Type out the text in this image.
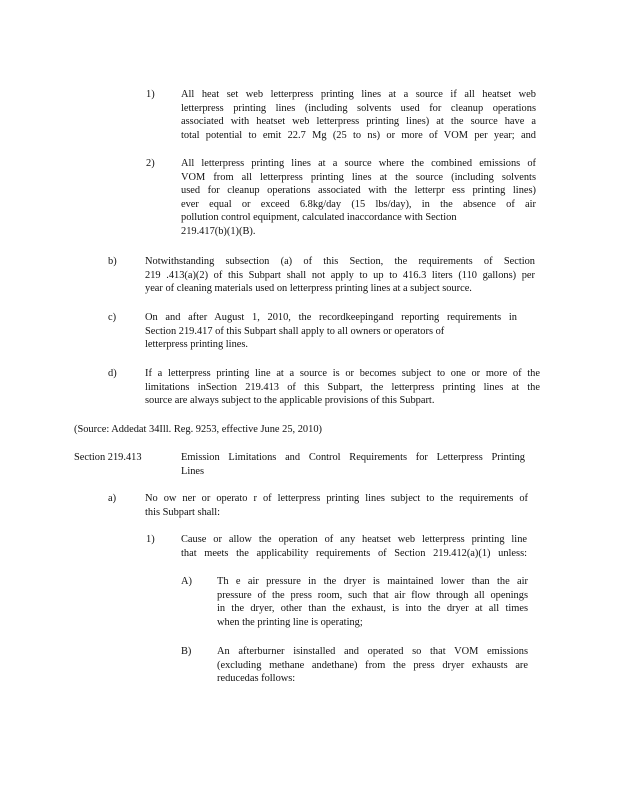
1)	All heat set web letterpress printing lines at a source if all heatset web
letterpress printing lines (including solvents used for cleanup operations
associated with heatset web letterpress printing lines) at the source have a
total potential to emit 22.7 Mg (25 to ns) or more of VOM per year; and
2)	All letterpress printing lines at a source where the combined emissions of
VOM from all letterpress printing lines at the source (including solvents
used for cleanup operations associated with the letterpr ess printing lines)
ever equal or exceed 6.8kg/day (15 lbs/day), in the absence of air
pollution control equipment, calculated inaccordance with Section
219.417(b)(1)(B).
b)	Notwithstanding subsection (a) of this Section, the requirements of Section
219 .413(a)(2) of this Subpart shall not apply to up to 416.3 liters (110 gallons) per
year of cleaning materials used on letterpress printing lines at a subject source.
c)	On and after August 1, 2010, the recordkeepingand reporting requirements in
Section 219.417 of this Subpart shall apply to all owners or operators of
letterpress printing lines.
d)	If a letterpress printing line at a source is or becomes subject to one or more of the
limitations inSection 219.413 of this Subpart, the letterpress printing lines at the
source are always subject to the applicable provisions of this Subpart.
(Source: Addedat 34Ill. Reg. 9253, effective June 25, 2010)
Section 219.413	Emission Limitations and Control Requirements for Letterpress Printing
Lines
a)	No ow ner or operato r of letterpress printing lines subject to the requirements of
this Subpart shall:
1)	Cause or allow the operation of any heatset web letterpress printing line
that meets the applicability requirements of Section 219.412(a)(1) unless:
A) Th e air pressure in the dryer is maintained lower than the air
pressure of the press room, such that air flow through all openings
in the dryer, other than the exhaust, is into the dryer at all times
when the printing line is operating;
B) An afterburner isinstalled and operated so that VOM emissions
(excluding methane andethane) from the press dryer exhausts are
reducedas follows:
